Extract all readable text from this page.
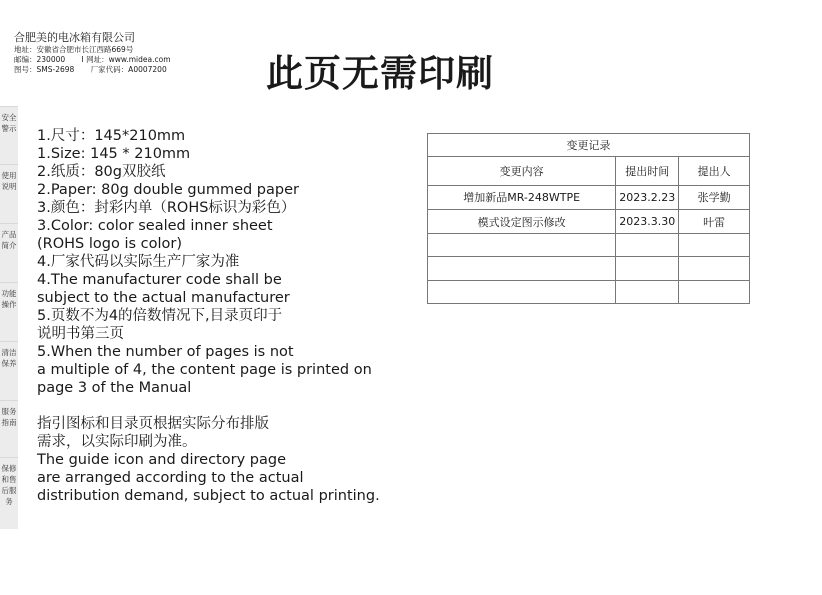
合肥美的电冰箱有限公司
地址：安徽省合肥市长江西路669号
邮编：230000 I 网址：www.midea.com
图号：SMS-2698 厂家代码：A0007200	此页无需印刷
安全警示
使用说明
产品简介
功能操作
清洁保养
服务指南
保修和售后服务
1.尺寸：145*210mm
1.Size: 145 * 210mm
2.纸质：80g双胶纸
2.Paper: 80g double gummed paper
3.颜色：封彩内单（ROHS标识为彩色）
3.Color: color sealed inner sheet
(ROHS logo is color)
4.厂家代码以实际生产厂家为准
4.The manufacturer code shall be
subject to the actual manufacturer
5.页数不为4的倍数情况下,目录页印于
说明书第三页
5.When the number of pages is not
a multiple of 4, the content page is printed on
page 3 of the Manual
指引图标和目录页根据实际分布排版
需求，以实际印刷为准。
The guide icon and directory page
are arranged according to the actual
distribution demand, subject to actual printing.
变更记录		
变更内容	提出时间	提出人
增加新品MR-248WTPE	2023.2.23	张学勤
模式设定图示修改	2023.3.30	叶雷
